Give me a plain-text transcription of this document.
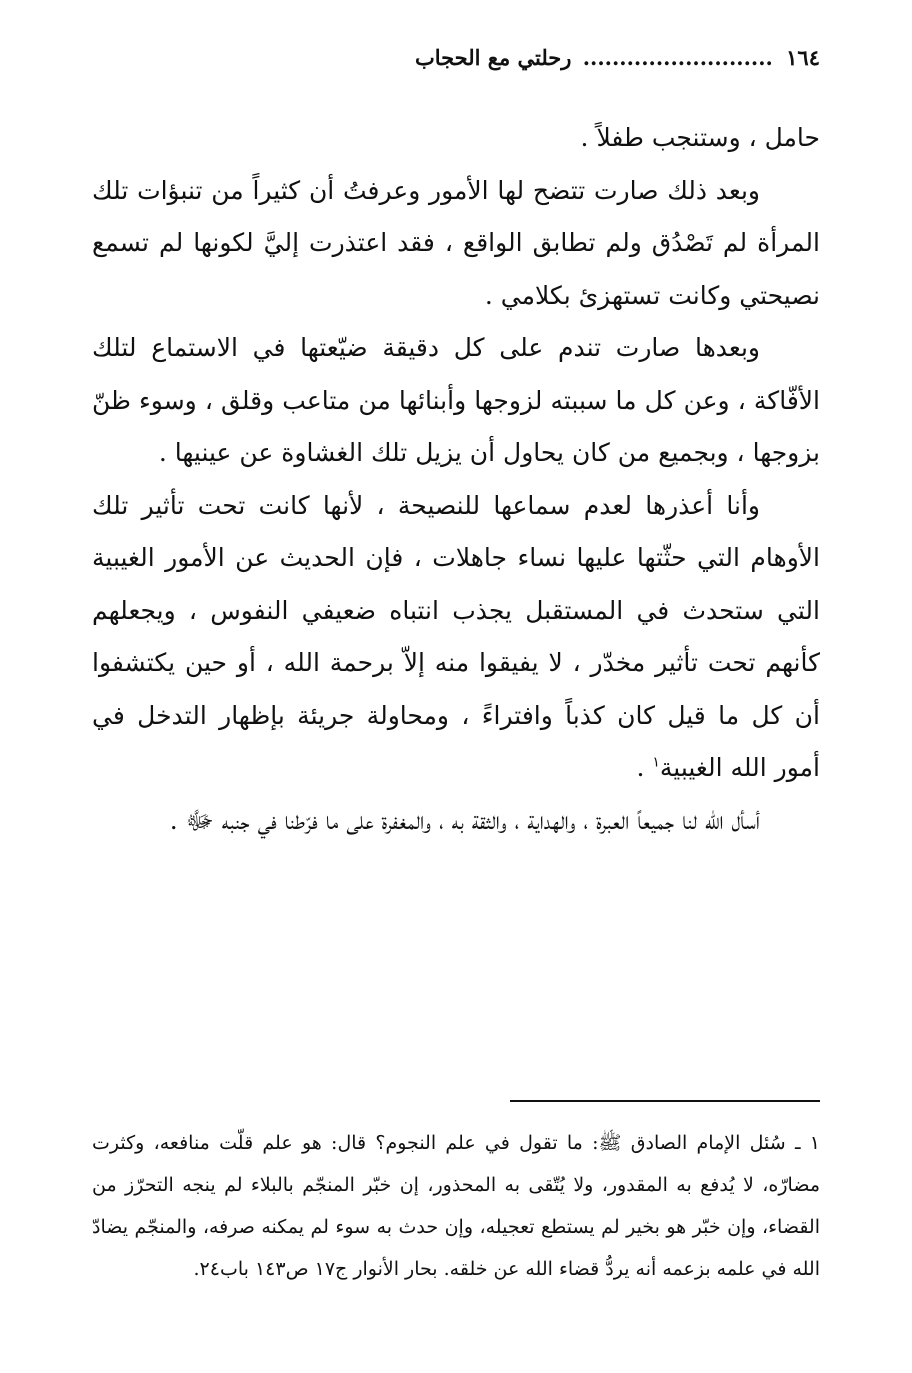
١٦٤ .......................... رحلتي مع الحجاب

حامل ، وستنجب طفلاً .

وبعد ذلك صارت تتضح لها الأمور وعرفتُ أن كثيراً من تنبؤات تلك المرأة لم تَصْدُق ولم تطابق الواقع ، فقد اعتذرت إليَّ لكونها لم تسمع نصيحتي وكانت تستهزئ بكلامي .

وبعدها صارت تندم على كل دقيقة ضيّعتها في الاستماع لتلك الأفّاكة ، وعن كل ما سببته لزوجها وأبنائها من متاعب وقلق ، وسوء ظنّ بزوجها ، وبجميع من كان يحاول أن يزيل تلك الغشاوة عن عينيها .

وأنا أعذرها لعدم سماعها للنصيحة ، لأنها كانت تحت تأثير تلك الأوهام التي حثّتها عليها نساء جاهلات ، فإن الحديث عن الأمور الغيبية التي ستحدث في المستقبل يجذب انتباه ضعيفي النفوس ، ويجعلهم كأنهم تحت تأثير مخدّر ، لا يفيقوا منه إلاّ برحمة الله ، أو حين يكتشفوا أن كل ما قيل كان كذباً وافتراءً ، ومحاولة جريئة بإظهار التدخل في أمور الله الغيبية$^١$ .

أسأل الله لنا جميعاً العبرة ، والهداية ، والثقة به ، والمغفرة على ما فرّطنا في جنبه ﷻ .

١ ـ سُئل الإمام الصادق ﷺ: ما تقول في علم النجوم؟ قال: هو علم قلّت منافعه، وكثرت مضارّه، لا يُدفع به المقدور، ولا يُتّقى به المحذور، إن خبّر المنجّم بالبلاء لم ينجه التحرّز من القضاء، وإن خبّر هو بخير لم يستطع تعجيله، وإن حدث به سوء لم يمكنه صرفه، والمنجّم يضادّ الله في علمه بزعمه أنه يردُّ قضاء الله عن خلقه. بحار الأنوار ج١٧ ص١٤٣ باب٢٤.
